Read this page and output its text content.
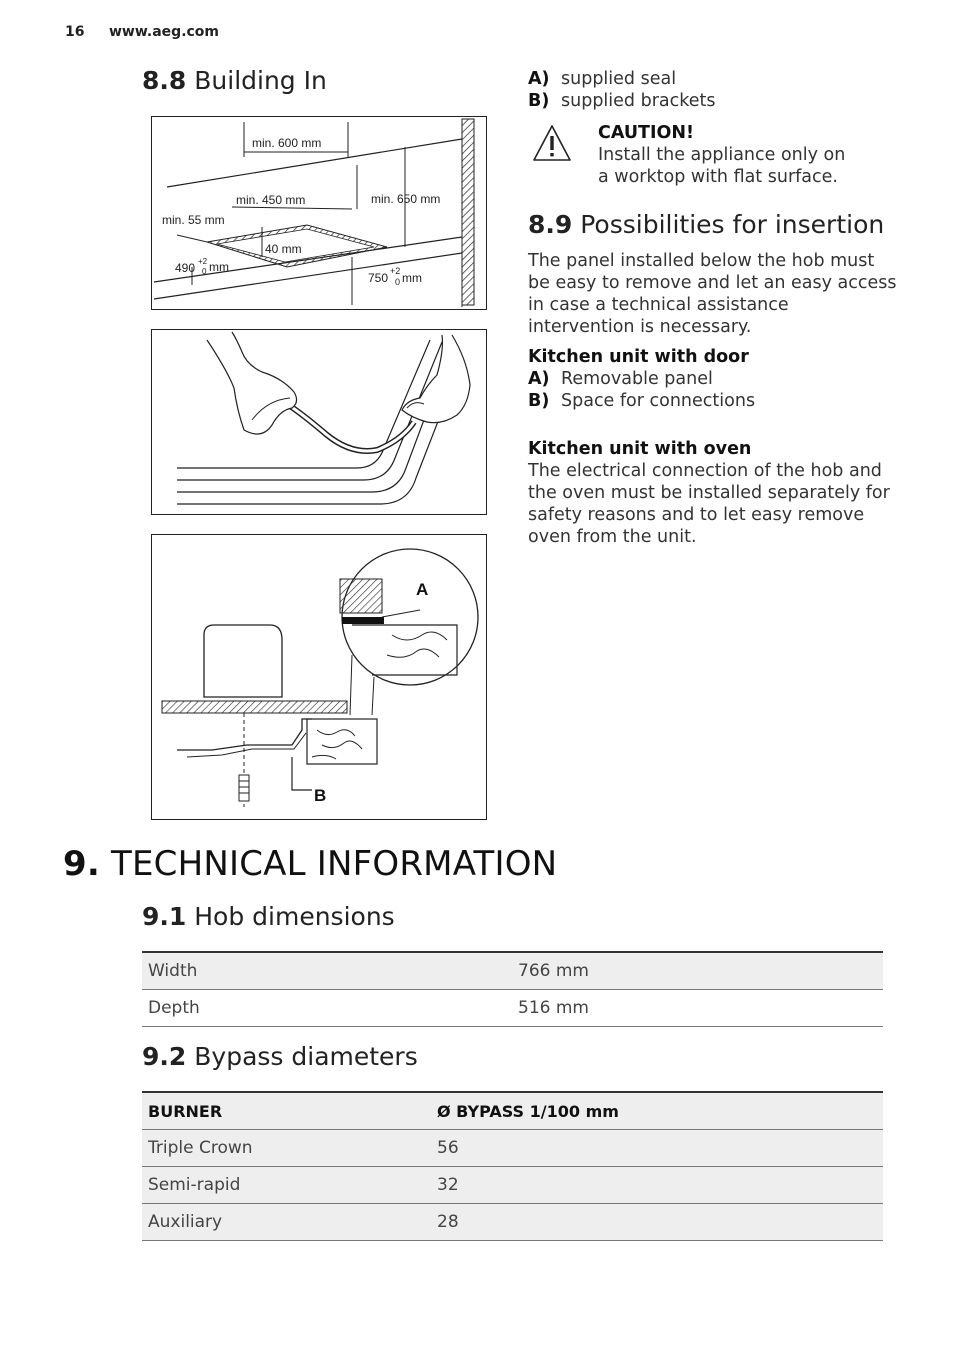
16 www.aeg.com
8.8 Building In
min. 600 mm
min. 450 mm	min. 650 mm
min. 55 mm
40 mm
490 +2
0 mm
750 +2
0 mm
A
B
A) supplied seal
B) supplied brackets
CAUTION!
Install the appliance only on
a worktop with flat surface.
8.9 Possibilities for insertion
The panel installed below the hob must
be easy to remove and let an easy access
in case a technical assistance
intervention is necessary.
Kitchen unit with door
A) Removable panel
B) Space for connections
Kitchen unit with oven
The electrical connection of the hob and
the oven must be installed separately for
safety reasons and to let easy remove
oven from the unit.
9. TECHNICAL INFORMATION
9.1 Hob dimensions
Width	766 mm
Depth	516 mm
9.2 Bypass diameters
BURNER	Ø BYPASS 1/100 mm
Triple Crown	56
Semi-rapid	32
Auxiliary	28
